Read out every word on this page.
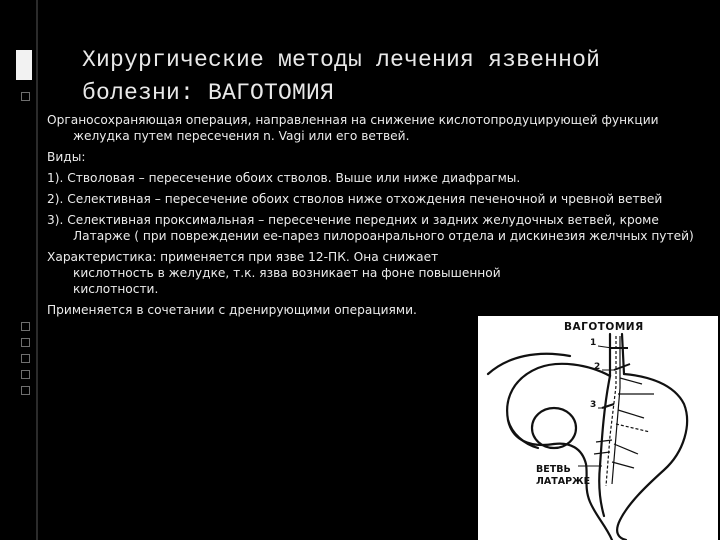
Хирургические методы лечения язвенной
болезни: ВАГОТОМИЯ
Органосохраняющая операция, направленная на снижение кислотопродуцирующей функции желудка путем пересечения n. Vagi или его ветвей.
Виды:
1). Стволовая – пересечение обоих стволов. Выше или ниже диафрагмы.
2). Селективная – пересечение обоих стволов ниже отхождения печеночной и чревной ветвей
3). Селективная проксимальная – пересечение передних и задних желудочных ветвей, кроме Латарже ( при повреждении ее-парез пилороанрального отдела и дискинезия желчных путей)
Характеристика: применяется при язве 12-ПК. Она снижает кислотность в желудке, т.к. язва возникает на фоне повышенной кислотности.
Применяется в сочетании с дренирующими операциями.
ВАГОТОМИЯ
1
2
3
ВЕТВЬ
ЛАТАРЖЕ
